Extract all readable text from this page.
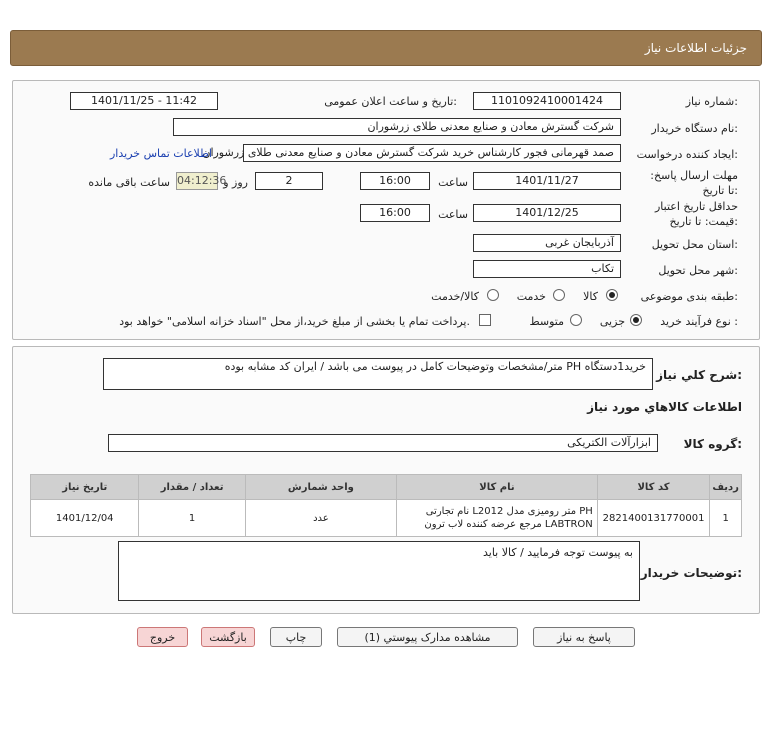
جزئيات اطلاعات نياز
شماره نياز:
1101092410001424
تاریخ و ساعت اعلان عمومی:
1401/11/25 - 11:42
نام دستگاه خريدار:
شرکت گسترش معادن و صنایع معدنی طلای زرشوران
ايجاد کننده درخواست:
صمد قهرمانی فجور کارشناس خرید شرکت گسترش معادن و صنایع معدنی طلای زرشوران
اطلاعات تماس خريدار
مهلت ارسال پاسخ: تا تاریخ:
1401/11/27
ساعت
16:00
2
روز و
04:12:36
ساعت باقی مانده
حداقل تاريخ اعتبار قيمت: تا تاريخ:
1401/12/25
ساعت
16:00
استان محل تحویل:
آذربایجان غربی
شهر محل تحویل:
تکاب
طبقه بندی موضوعی:
کالا
خدمت
کالا/خدمت
نوع فرآيند خريد :
جزیی
متوسط
پرداخت تمام یا بخشی از مبلغ خرید،از محل "اسناد خزانه اسلامی" خواهد بود.
شرح کلي نياز:
خرید1دستگاه PH متر/مشخصات وتوضیحات کامل در پیوست می باشد / ایران کد مشابه بوده
اطلاعات کالاهاي مورد نياز
گروه کالا:
ابزارآلات الکتریکی
ردیف	کد کالا	نام کالا	واحد شمارش	تعداد / مقدار	تاریخ نیاز
1	2821400131770001	PH متر رومیزی مدل L2012 نام تجارتی LABTRON مرجع عرضه کننده لاب ترون	عدد	1	1401/12/04
توضيحات خريدار:
به پیوست توجه فرمایید / کالا باید
پاسخ به نياز
مشاهده مدارک پيوستي (1)
چاپ
بازگشت
خروج
